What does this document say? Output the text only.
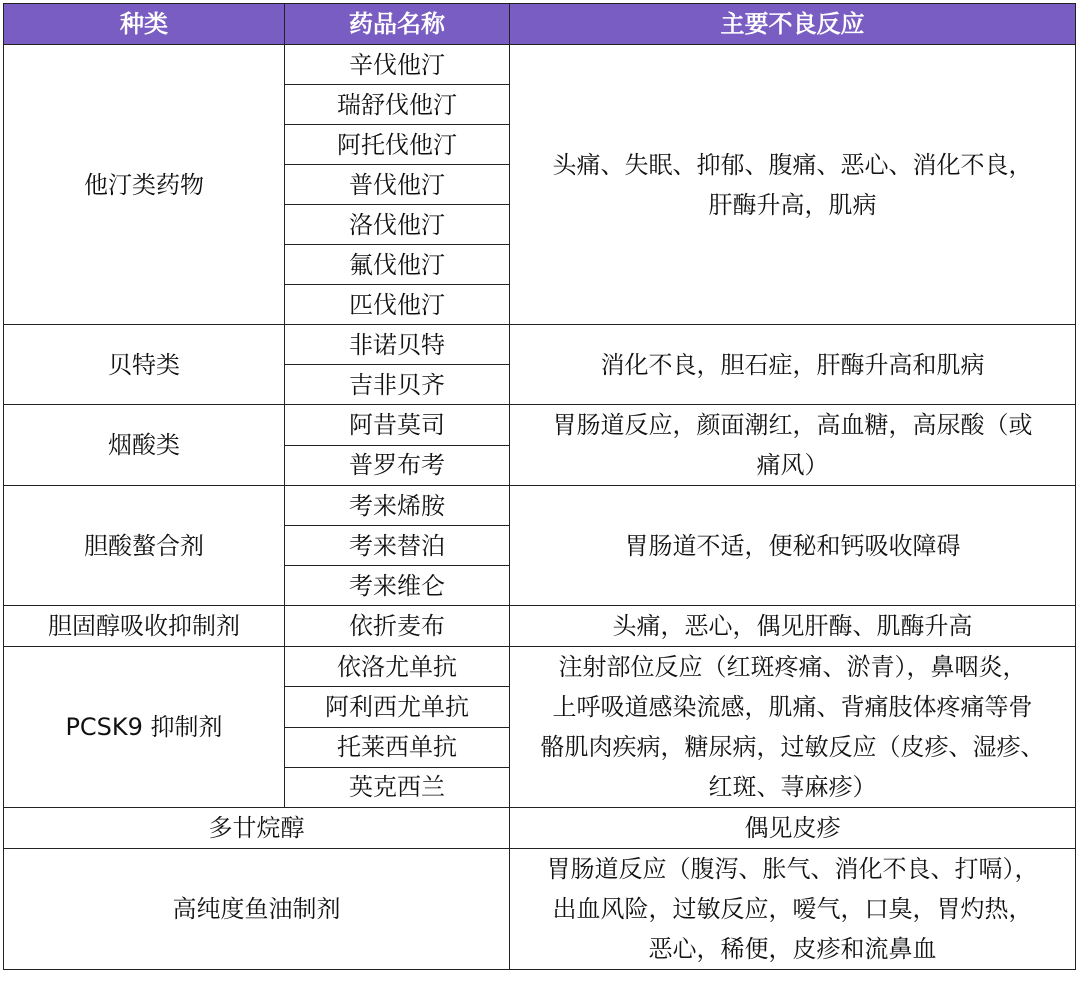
种类	药品名称	主要不良反应
他汀类药物	辛伐他汀	头痛、失眠、抑郁、腹痛、恶心、消化不良，
肝酶升高，肌病

	瑞舒伐他汀	
	阿托伐他汀	
	普伐他汀	
	洛伐他汀	
	氟伐他汀	
	匹伐他汀	
贝特类	非诺贝特	消化不良，胆石症，肝酶升高和肌病

	吉非贝齐	
烟酸类	阿昔莫司	胃肠道反应，颜面潮红，高血糖，高尿酸（或
痛风）

	普罗布考	
胆酸螯合剂	考来烯胺	胃肠道不适，便秘和钙吸收障碍

	考来替泊	
	考来维仑	
胆固醇吸收抑制剂	依折麦布	头痛，恶心，偶见肝酶、肌酶升高

PCSK9 抑制剂	依洛尤单抗	注射部位反应（红斑疼痛、淤青），鼻咽炎，
上呼吸道感染流感，肌痛、背痛肢体疼痛等骨
骼肌肉疾病，糖尿病，过敏反应（皮疹、湿疹、
红斑、荨麻疹）

	阿利西尤单抗	
	托莱西单抗	
	英克西兰	
多廿烷醇		偶见皮疹

高纯度鱼油制剂		胃肠道反应（腹泻、胀气、消化不良、打嗝），
出血风险，过敏反应，嗳气，口臭，胃灼热，
恶心，稀便，皮疹和流鼻血
